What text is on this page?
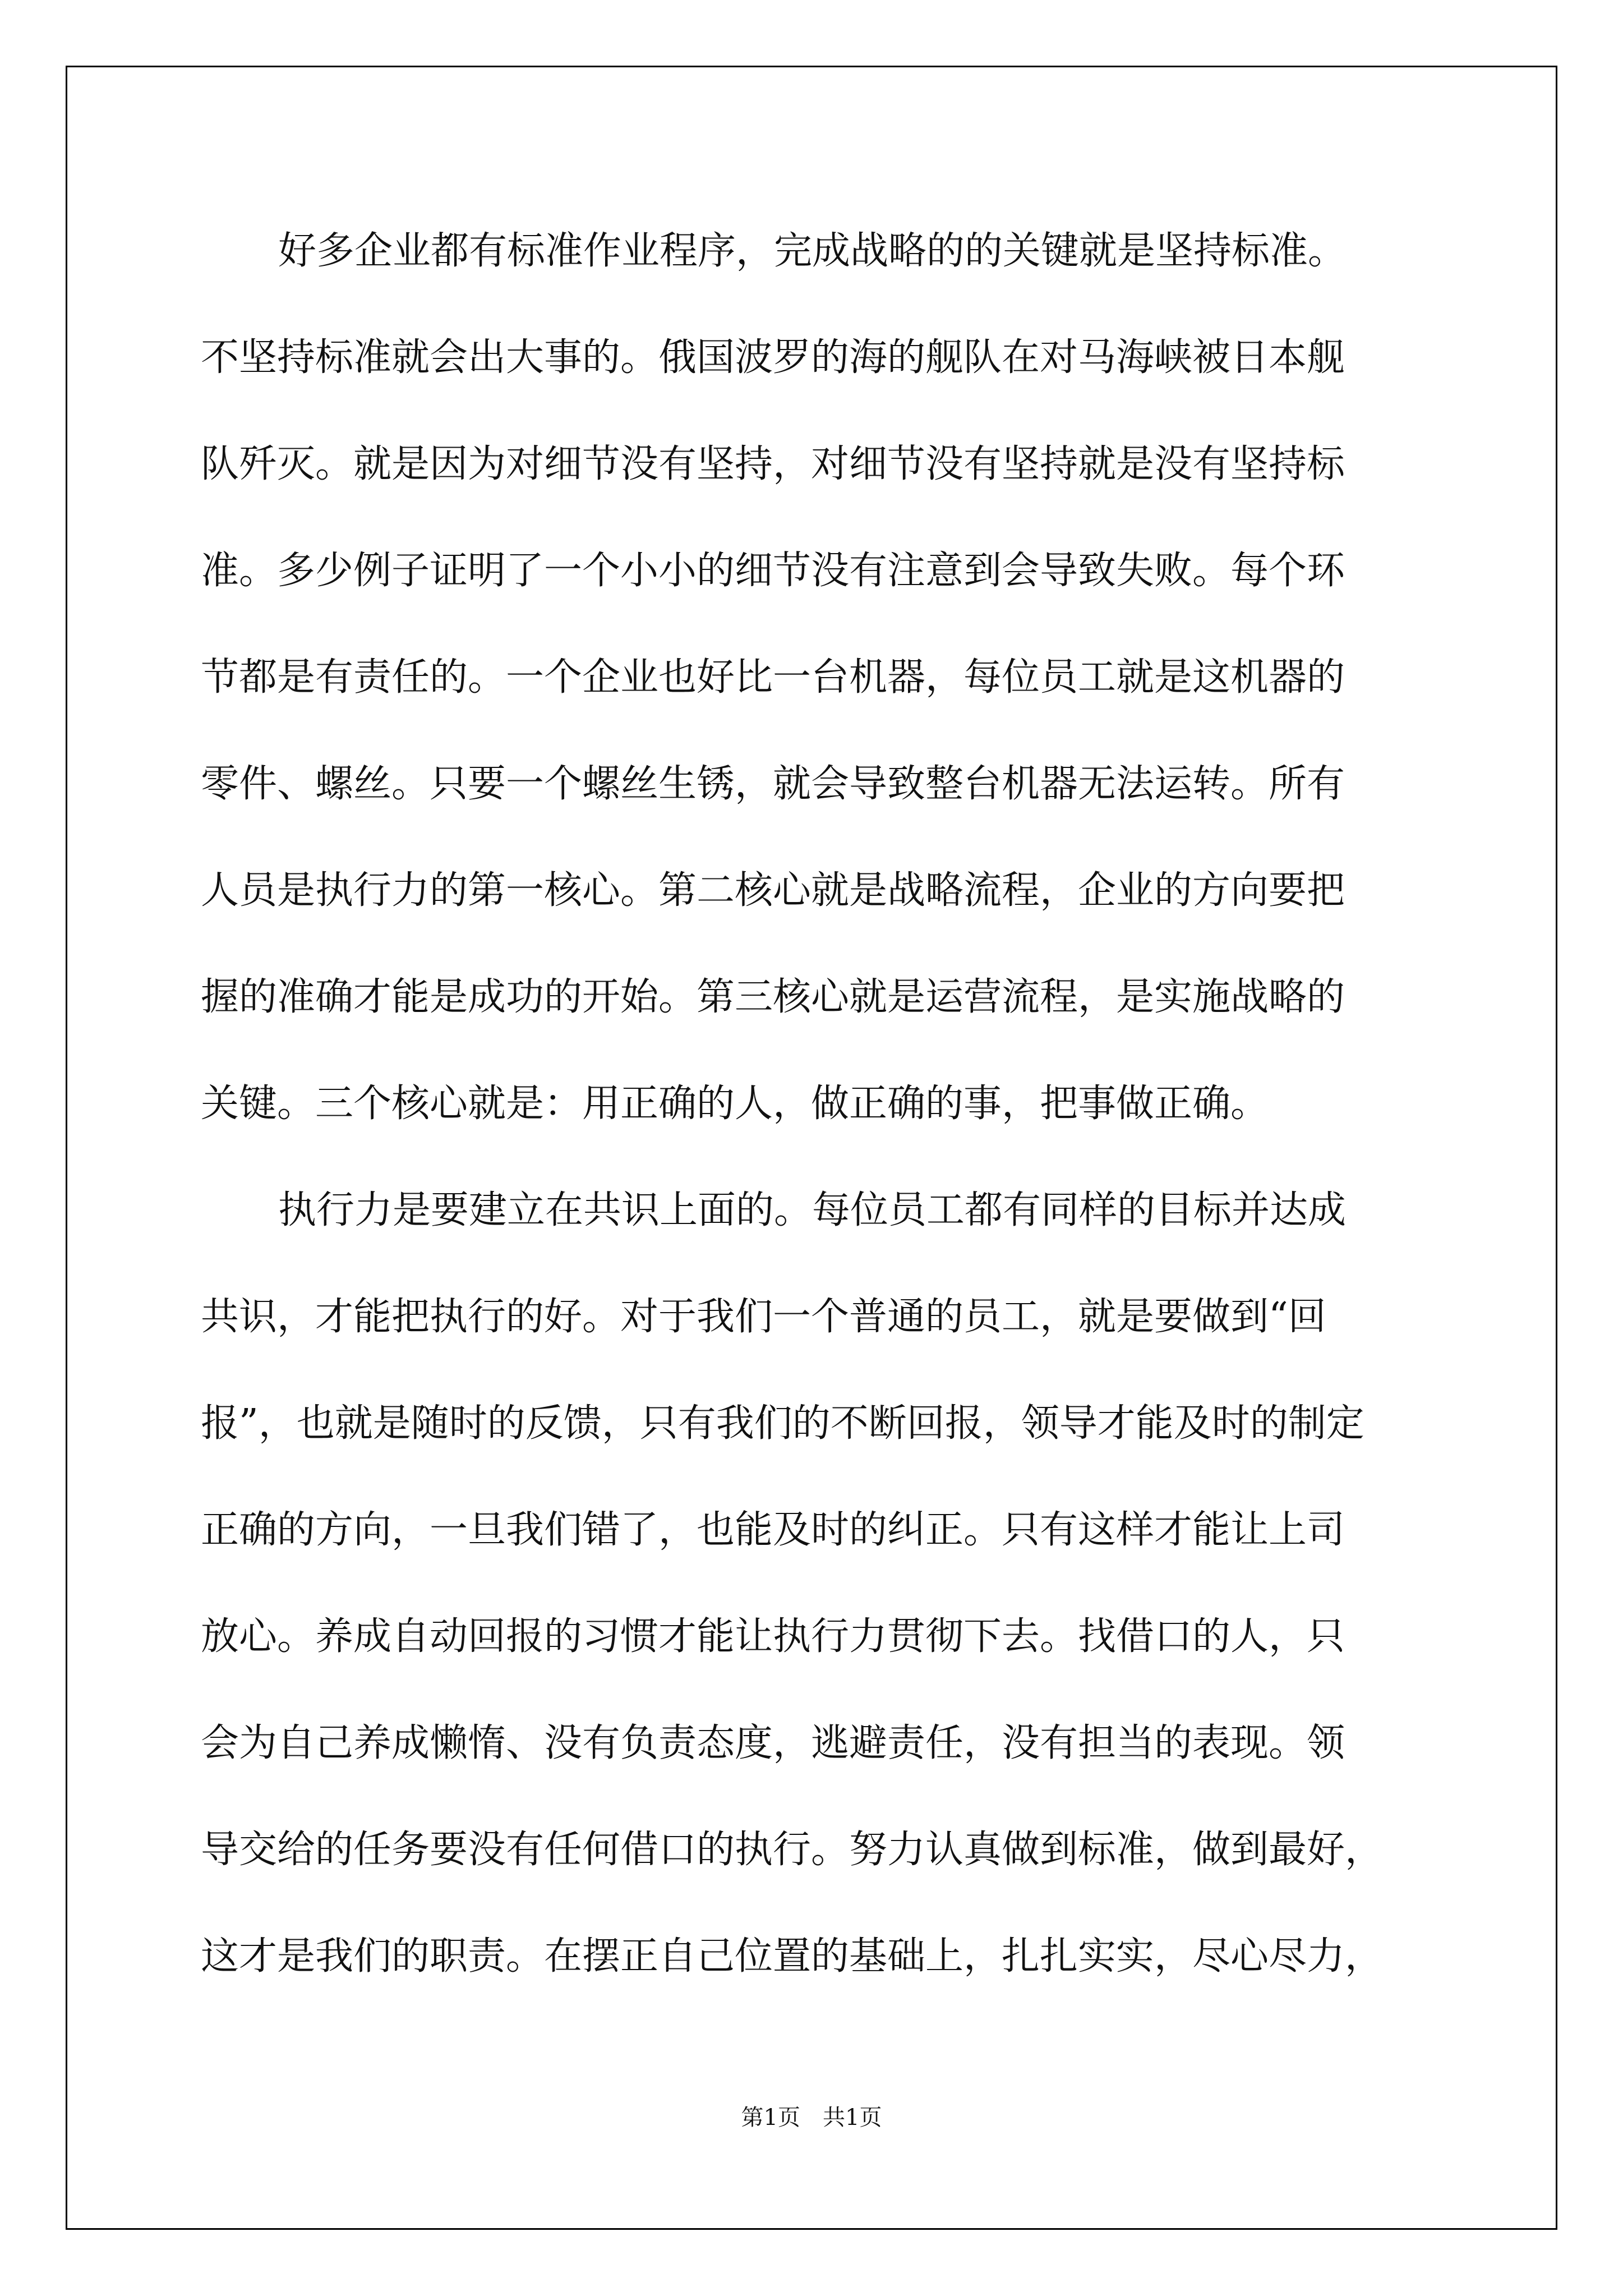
好多企业都有标准作业程序，完成战略的的关键就是坚持标准。
不坚持标准就会出大事的。俄国波罗的海的舰队在对马海峡被日本舰
队歼灭。就是因为对细节没有坚持，对细节没有坚持就是没有坚持标
准。多少例子证明了一个小小的细节没有注意到会导致失败。每个环
节都是有责任的。一个企业也好比一台机器，每位员工就是这机器的
零件、螺丝。只要一个螺丝生锈，就会导致整台机器无法运转。所有
人员是执行力的第一核心。第二核心就是战略流程，企业的方向要把
握的准确才能是成功的开始。第三核心就是运营流程，是实施战略的
关键。三个核心就是：用正确的人，做正确的事，把事做正确。
执行力是要建立在共识上面的。每位员工都有同样的目标并达成
共识，才能把执行的好。对于我们一个普通的员工，就是要做到“回
报”，也就是随时的反馈，只有我们的不断回报，领导才能及时的制定
正确的方向，一旦我们错了，也能及时的纠正。只有这样才能让上司
放心。养成自动回报的习惯才能让执行力贯彻下去。找借口的人，只
会为自己养成懒惰、没有负责态度，逃避责任，没有担当的表现。领
导交给的任务要没有任何借口的执行。努力认真做到标准，做到最好，
这才是我们的职责。在摆正自己位置的基础上，扎扎实实，尽心尽力，
第1页　共1页
